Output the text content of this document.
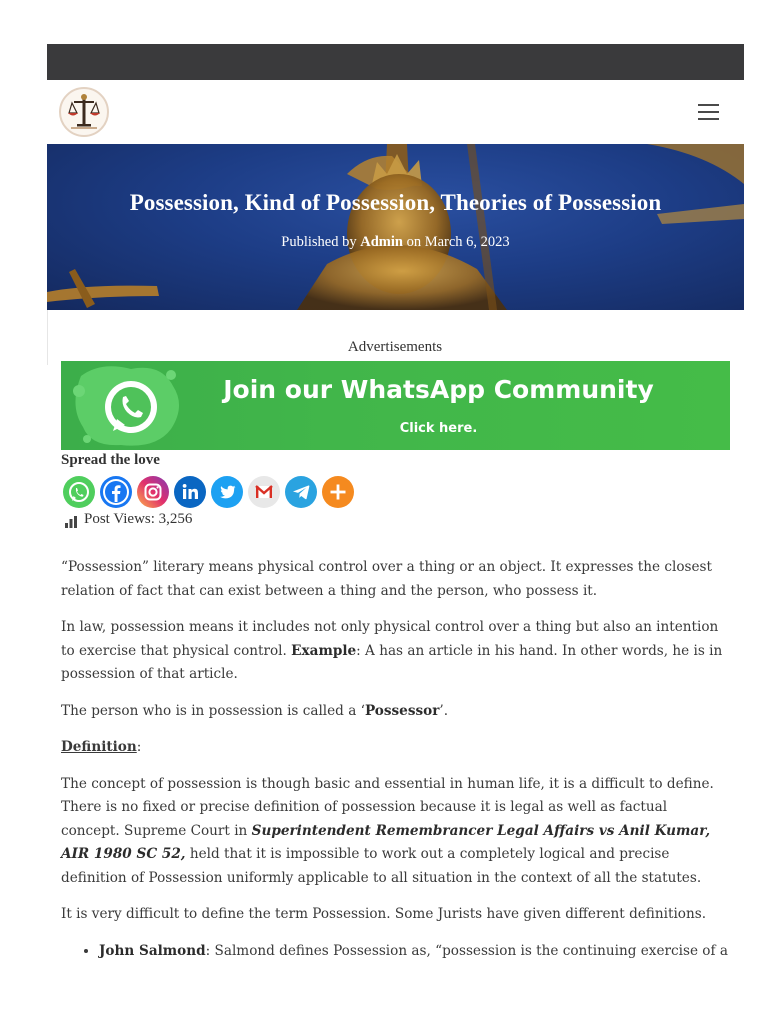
Possession, Kind of Possession, Theories of Possession
Published by Admin on March 6, 2023
Advertisements
Join our WhatsApp Community
Click here.
Spread the love
Post Views: 3,256

“Possession” literary means physical control over a thing or an object. It expresses the closest relation of fact that can exist between a thing and the person, who possess it.

In law, possession means it includes not only physical control over a thing but also an intention to exercise that physical control. Example: A has an article in his hand. In other words, he is in possession of that article.

The person who is in possession is called a ‘Possessor’.

Definition:

The concept of possession is though basic and essential in human life, it is a difficult to define. There is no fixed or precise definition of possession because it is legal as well as factual concept. Supreme Court in Superintendent Remembrancer Legal Affairs vs Anil Kumar, AIR 1980 SC 52, held that it is impossible to work out a completely logical and precise definition of Possession uniformly applicable to all situation in the context of all the statutes.

It is very difficult to define the term Possession. Some Jurists have given different definitions.

• John Salmond: Salmond defines Possession as, “possession is the continuing exercise of a
